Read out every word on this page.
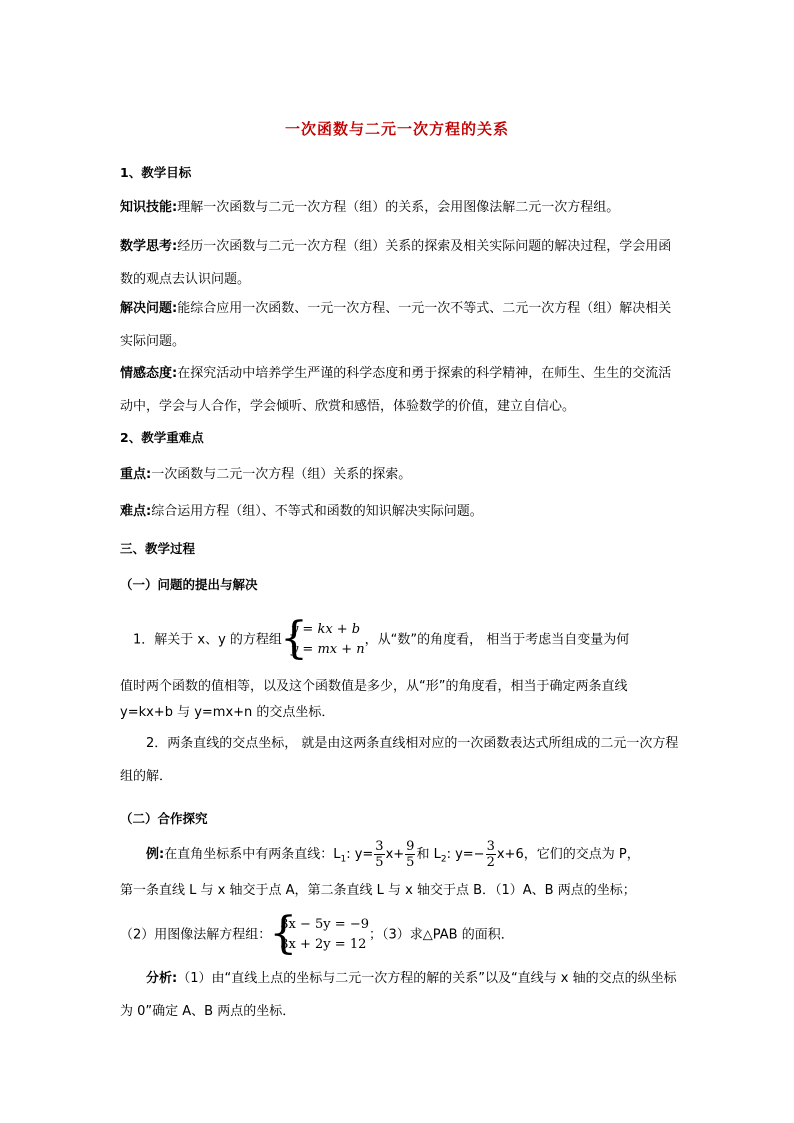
一次函数与二元一次方程的关系
1、教学目标
知识技能:理解一次函数与二元一次方程（组）的关系，会用图像法解二元一次方程组。
数学思考:经历一次函数与二元一次方程（组）关系的探索及相关实际问题的解决过程，学会用函数的观点去认识问题。
解决问题:能综合应用一次函数、一元一次方程、一元一次不等式、二元一次方程（组）解决相关实际问题。
情感态度:在探究活动中培养学生严谨的科学态度和勇于探索的科学精神，在师生、生生的交流活动中，学会与人合作，学会倾听、欣赏和感悟，体验数学的价值，建立自信心。
2、教学重难点
重点:一次函数与二元一次方程（组）关系的探索。
难点:综合运用方程（组）、不等式和函数的知识解决实际问题。
三、教学过程
（一）问题的提出与解决
1．解关于 x、y 的方程组
{
y = kx + b
y = mx + n
，从“数”的角度看， 相当于考虑当自变量为何
值时两个函数的值相等，以及这个函数值是多少，从“形”的角度看，相当于确定两条直线
y=kx+b 与 y=mx+n 的交点坐标．
2．两条直线的交点坐标， 就是由这两条直线相对应的一次函数表达式所组成的二元一次方程组的解．
（二）合作探究
例:在直角坐标系中有两条直线：$L_1$: $y= \frac{3}{5} x+ \frac{9}{5}$ 和 $L_2$: $y=- \frac{3}{2} x+6$，它们的交点为 P，
第一条直线 L 与 x 轴交于点 A，第二条直线 L 与 x 轴交于点 B．（1）A、B 两点的坐标；
（2）用图像法解方程组：
{
3x − 5y = −9
3x + 2y = 12
；（3）求△PAB 的面积．
分析:（1）由“直线上点的坐标与二元一次方程的解的关系”以及“直线与 x 轴的交点的纵坐标为 0”确定 A、B 两点的坐标．
